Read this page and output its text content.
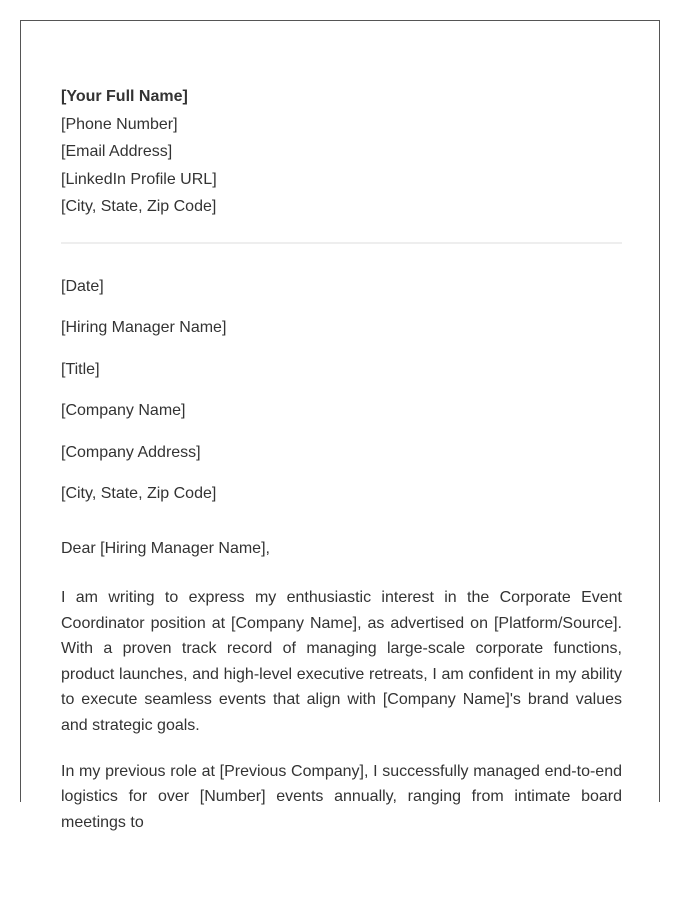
[Your Full Name]
[Phone Number]
[Email Address]
[LinkedIn Profile URL]
[City, State, Zip Code]
[Date]
[Hiring Manager Name]
[Title]
[Company Name]
[Company Address]
[City, State, Zip Code]
Dear [Hiring Manager Name],

I am writing to express my enthusiastic interest in the Corporate Event Coordinator position at [Company Name], as advertised on [Platform/Source]. With a proven track record of managing large-scale corporate functions, product launches, and high-level executive retreats, I am confident in my ability to execute seamless events that align with [Company Name]'s brand values and strategic goals.

In my previous role at [Previous Company], I successfully managed end-to-end logistics for over [Number] events annually, ranging from intimate board meetings to
